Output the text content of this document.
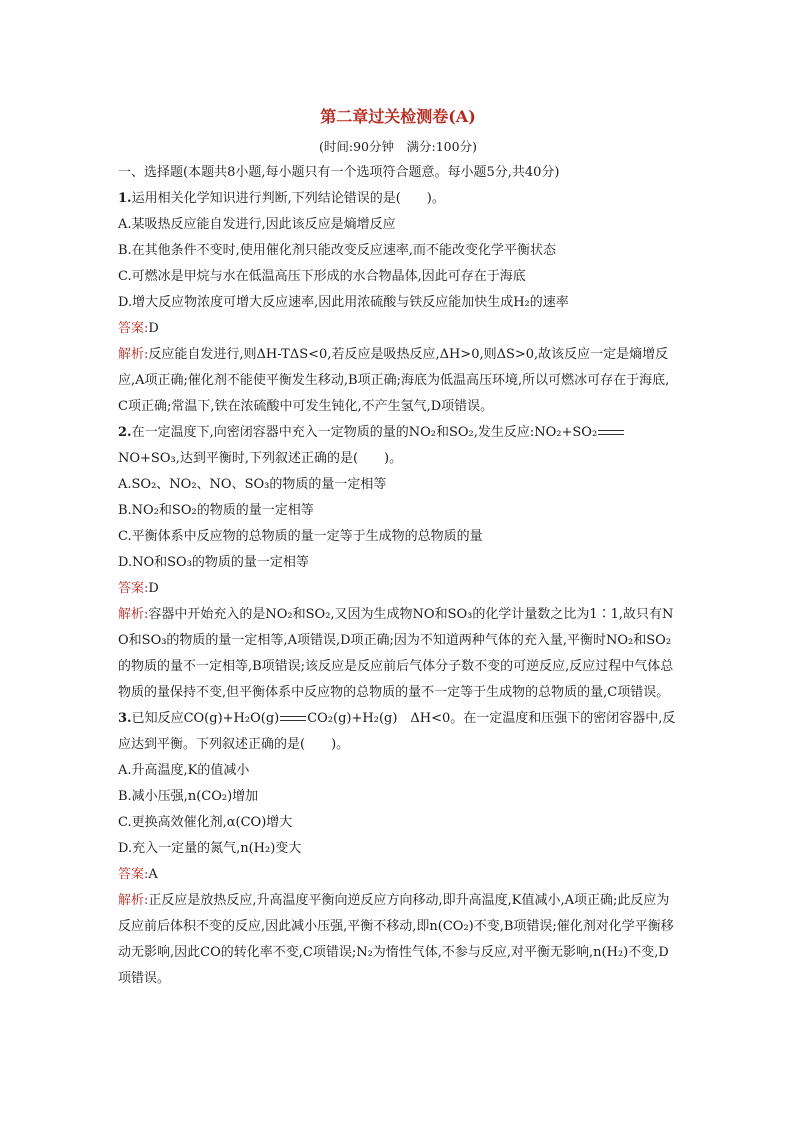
第二章过关检测卷(A)
(时间:90分钟　满分:100分)
一、选择题(本题共8小题,每小题只有一个选项符合题意。每小题5分,共40分)
1.运用相关化学知识进行判断,下列结论错误的是(　　)。
A.某吸热反应能自发进行,因此该反应是熵增反应
B.在其他条件不变时,使用催化剂只能改变反应速率,而不能改变化学平衡状态
C.可燃冰是甲烷与水在低温高压下形成的水合物晶体,因此可存在于海底
D.增大反应物浓度可增大反应速率,因此用浓硫酸与铁反应能加快生成H₂的速率
答案:D
解析:反应能自发进行,则ΔH-TΔS<0,若反应是吸热反应,ΔH>0,则ΔS>0,故该反应一定是熵增反应,A项正确;催化剂不能使平衡发生移动,B项正确;海底为低温高压环境,所以可燃冰可存在于海底,C项正确;常温下,铁在浓硫酸中可发生钝化,不产生氢气,D项错误。
2.在一定温度下,向密闭容器中充入一定物质的量的NO₂和SO₂,发生反应:NO₂+SO₂
NO+SO₃,达到平衡时,下列叙述正确的是(　　)。
A.SO₂、NO₂、NO、SO₃的物质的量一定相等
B.NO₂和SO₂的物质的量一定相等
C.平衡体系中反应物的总物质的量一定等于生成物的总物质的量
D.NO和SO₃的物质的量一定相等
答案:D
解析:容器中开始充入的是NO₂和SO₂,又因为生成物NO和SO₃的化学计量数之比为1∶1,故只有NO和SO₃的物质的量一定相等,A项错误,D项正确;因为不知道两种气体的充入量,平衡时NO₂和SO₂的物质的量不一定相等,B项错误;该反应是反应前后气体分子数不变的可逆反应,反应过程中气体总物质的量保持不变,但平衡体系中反应物的总物质的量不一定等于生成物的总物质的量,C项错误。
3.已知反应CO(g)+H₂O(g) CO₂(g)+H₂(g)　ΔH<0。在一定温度和压强下的密闭容器中,反应达到平衡。下列叙述正确的是(　　)。
A.升高温度,K的值减小
B.减小压强,n(CO₂)增加
C.更换高效催化剂,α(CO)增大
D.充入一定量的氮气,n(H₂)变大
答案:A
解析:正反应是放热反应,升高温度平衡向逆反应方向移动,即升高温度,K值减小,A项正确;此反应为反应前后体积不变的反应,因此减小压强,平衡不移动,即n(CO₂)不变,B项错误;催化剂对化学平衡移动无影响,因此CO的转化率不变,C项错误;N₂为惰性气体,不参与反应,对平衡无影响,n(H₂)不变,D项错误。
